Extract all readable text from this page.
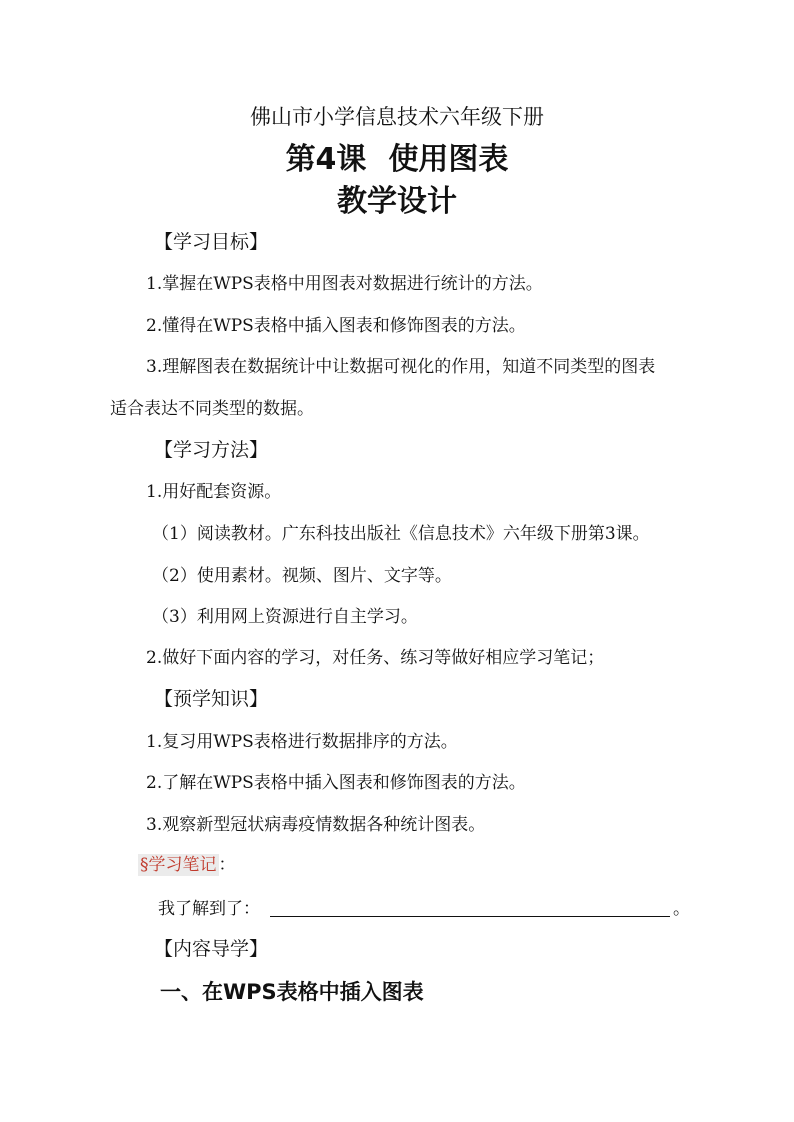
佛山市小学信息技术六年级下册
第4课 使用图表
教学设计
【学习目标】
1.掌握在WPS表格中用图表对数据进行统计的方法。
2.懂得在WPS表格中插入图表和修饰图表的方法。
3.理解图表在数据统计中让数据可视化的作用，知道不同类型的图表
适合表达不同类型的数据。
【学习方法】
1.用好配套资源。
（1）阅读教材。广东科技出版社《信息技术》六年级下册第3课。
（2）使用素材。视频、图片、文字等。
（3）利用网上资源进行自主学习。
2.做好下面内容的学习，对任务、练习等做好相应学习笔记；
【预学知识】
1.复习用WPS表格进行数据排序的方法。
2.了解在WPS表格中插入图表和修饰图表的方法。
3.观察新型冠状病毒疫情数据各种统计图表。
§学习笔记 ：
我了解到了：	。
【内容导学】
一、在WPS表格中插入图表
